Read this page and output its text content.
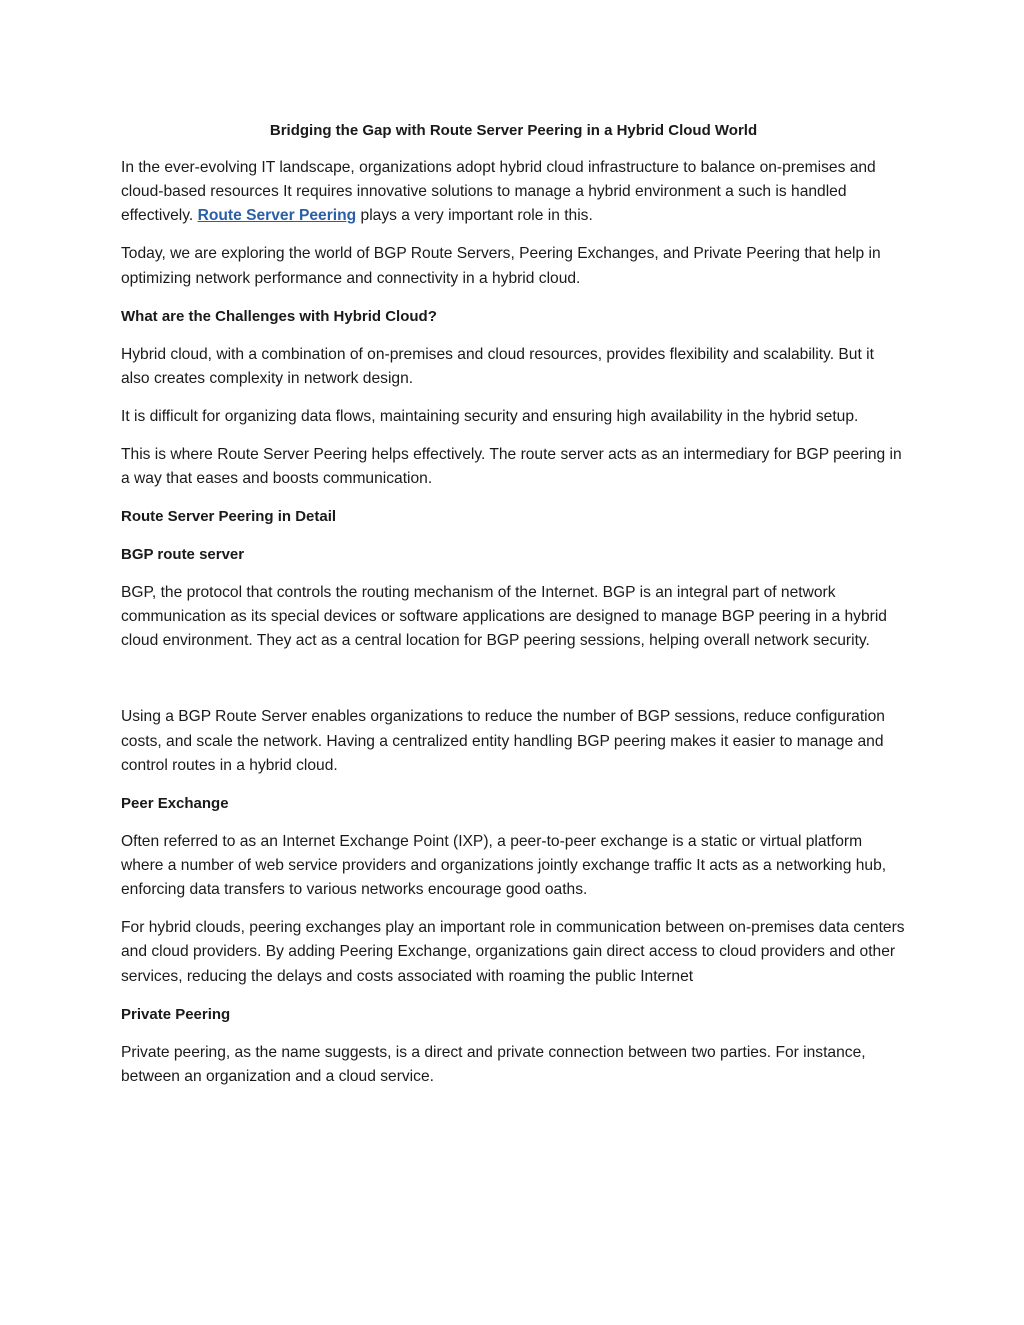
Bridging the Gap with Route Server Peering in a Hybrid Cloud World

In the ever-evolving IT landscape, organizations adopt hybrid cloud infrastructure to balance on-premises and cloud-based resources It requires innovative solutions to manage a hybrid environment a such is handled effectively. Route Server Peering plays a very important role in this.

Today, we are exploring the world of BGP Route Servers, Peering Exchanges, and Private Peering that help in optimizing network performance and connectivity in a hybrid cloud.

What are the Challenges with Hybrid Cloud?

Hybrid cloud, with a combination of on-premises and cloud resources, provides flexibility and scalability. But it also creates complexity in network design.

It is difficult for organizing data flows, maintaining security and ensuring high availability in the hybrid setup.

This is where Route Server Peering helps effectively. The route server acts as an intermediary for BGP peering in a way that eases and boosts communication.

Route Server Peering in Detail

BGP route server

BGP, the protocol that controls the routing mechanism of the Internet. BGP is an integral part of network communication as its special devices or software applications are designed to manage BGP peering in a hybrid cloud environment. They act as a central location for BGP peering sessions, helping overall network security.

Using a BGP Route Server enables organizations to reduce the number of BGP sessions, reduce configuration costs, and scale the network. Having a centralized entity handling BGP peering makes it easier to manage and control routes in a hybrid cloud.

Peer Exchange

Often referred to as an Internet Exchange Point (IXP), a peer-to-peer exchange is a static or virtual platform where a number of web service providers and organizations jointly exchange traffic It acts as a networking hub, enforcing data transfers to various networks encourage good oaths.

For hybrid clouds, peering exchanges play an important role in communication between on-premises data centers and cloud providers. By adding Peering Exchange, organizations gain direct access to cloud providers and other services, reducing the delays and costs associated with roaming the public Internet

Private Peering

Private peering, as the name suggests, is a direct and private connection between two parties. For instance, between an organization and a cloud service.
